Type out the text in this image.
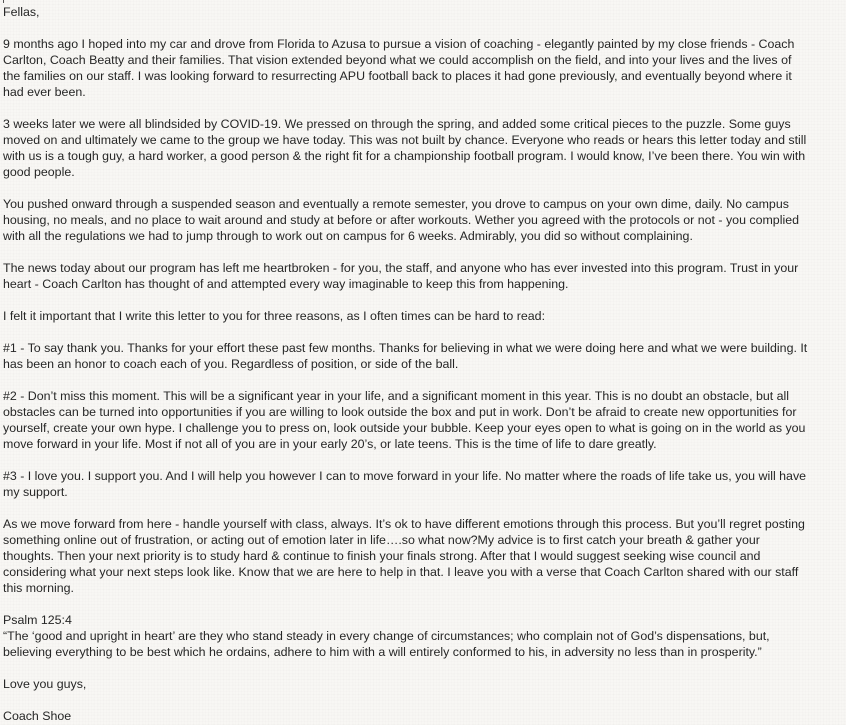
Fellas,
9 months ago I hoped into my car and drove from Florida to Azusa to pursue a vision of coaching - elegantly painted by my close friends - Coach
Carlton, Coach Beatty and their families. That vision extended beyond what we could accomplish on the field, and into your lives and the lives of
the families on our staff. I was looking forward to resurrecting APU football back to places it had gone previously, and eventually beyond where it
had ever been.
3 weeks later we were all blindsided by COVID-19. We pressed on through the spring, and added some critical pieces to the puzzle. Some guys
moved on and ultimately we came to the group we have today. This was not built by chance. Everyone who reads or hears this letter today and still
with us is a tough guy, a hard worker, a good person & the right fit for a championship football program. I would know, I’ve been there. You win with
good people.
You pushed onward through a suspended season and eventually a remote semester, you drove to campus on your own dime, daily. No campus
housing, no meals, and no place to wait around and study at before or after workouts. Wether you agreed with the protocols or not - you complied
with all the regulations we had to jump through to work out on campus for 6 weeks. Admirably, you did so without complaining.
The news today about our program has left me heartbroken - for you, the staff, and anyone who has ever invested into this program. Trust in your
heart - Coach Carlton has thought of and attempted every way imaginable to keep this from happening.
I felt it important that I write this letter to you for three reasons, as I often times can be hard to read:
#1 - To say thank you. Thanks for your effort these past few months. Thanks for believing in what we were doing here and what we were building. It
has been an honor to coach each of you. Regardless of position, or side of the ball.
#2 - Don’t miss this moment. This will be a significant year in your life, and a significant moment in this year. This is no doubt an obstacle, but all
obstacles can be turned into opportunities if you are willing to look outside the box and put in work. Don’t be afraid to create new opportunities for
yourself, create your own hype. I challenge you to press on, look outside your bubble. Keep your eyes open to what is going on in the world as you
move forward in your life. Most if not all of you are in your early 20’s, or late teens. This is the time of life to dare greatly.
#3 - I love you. I support you. And I will help you however I can to move forward in your life. No matter where the roads of life take us, you will have
my support.
As we move forward from here - handle yourself with class, always. It’s ok to have different emotions through this process. But you’ll regret posting
something online out of frustration, or acting out of emotion later in life….so what now?My advice is to first catch your breath & gather your
thoughts. Then your next priority is to study hard & continue to finish your finals strong. After that I would suggest seeking wise council and
considering what your next steps look like. Know that we are here to help in that. I leave you with a verse that Coach Carlton shared with our staff
this morning.
Psalm 125:4
“The ‘good and upright in heart’ are they who stand steady in every change of circumstances; who complain not of God’s dispensations, but,
believing everything to be best which he ordains, adhere to him with a will entirely conformed to his, in adversity no less than in prosperity.”
Love you guys,
Coach Shoe
